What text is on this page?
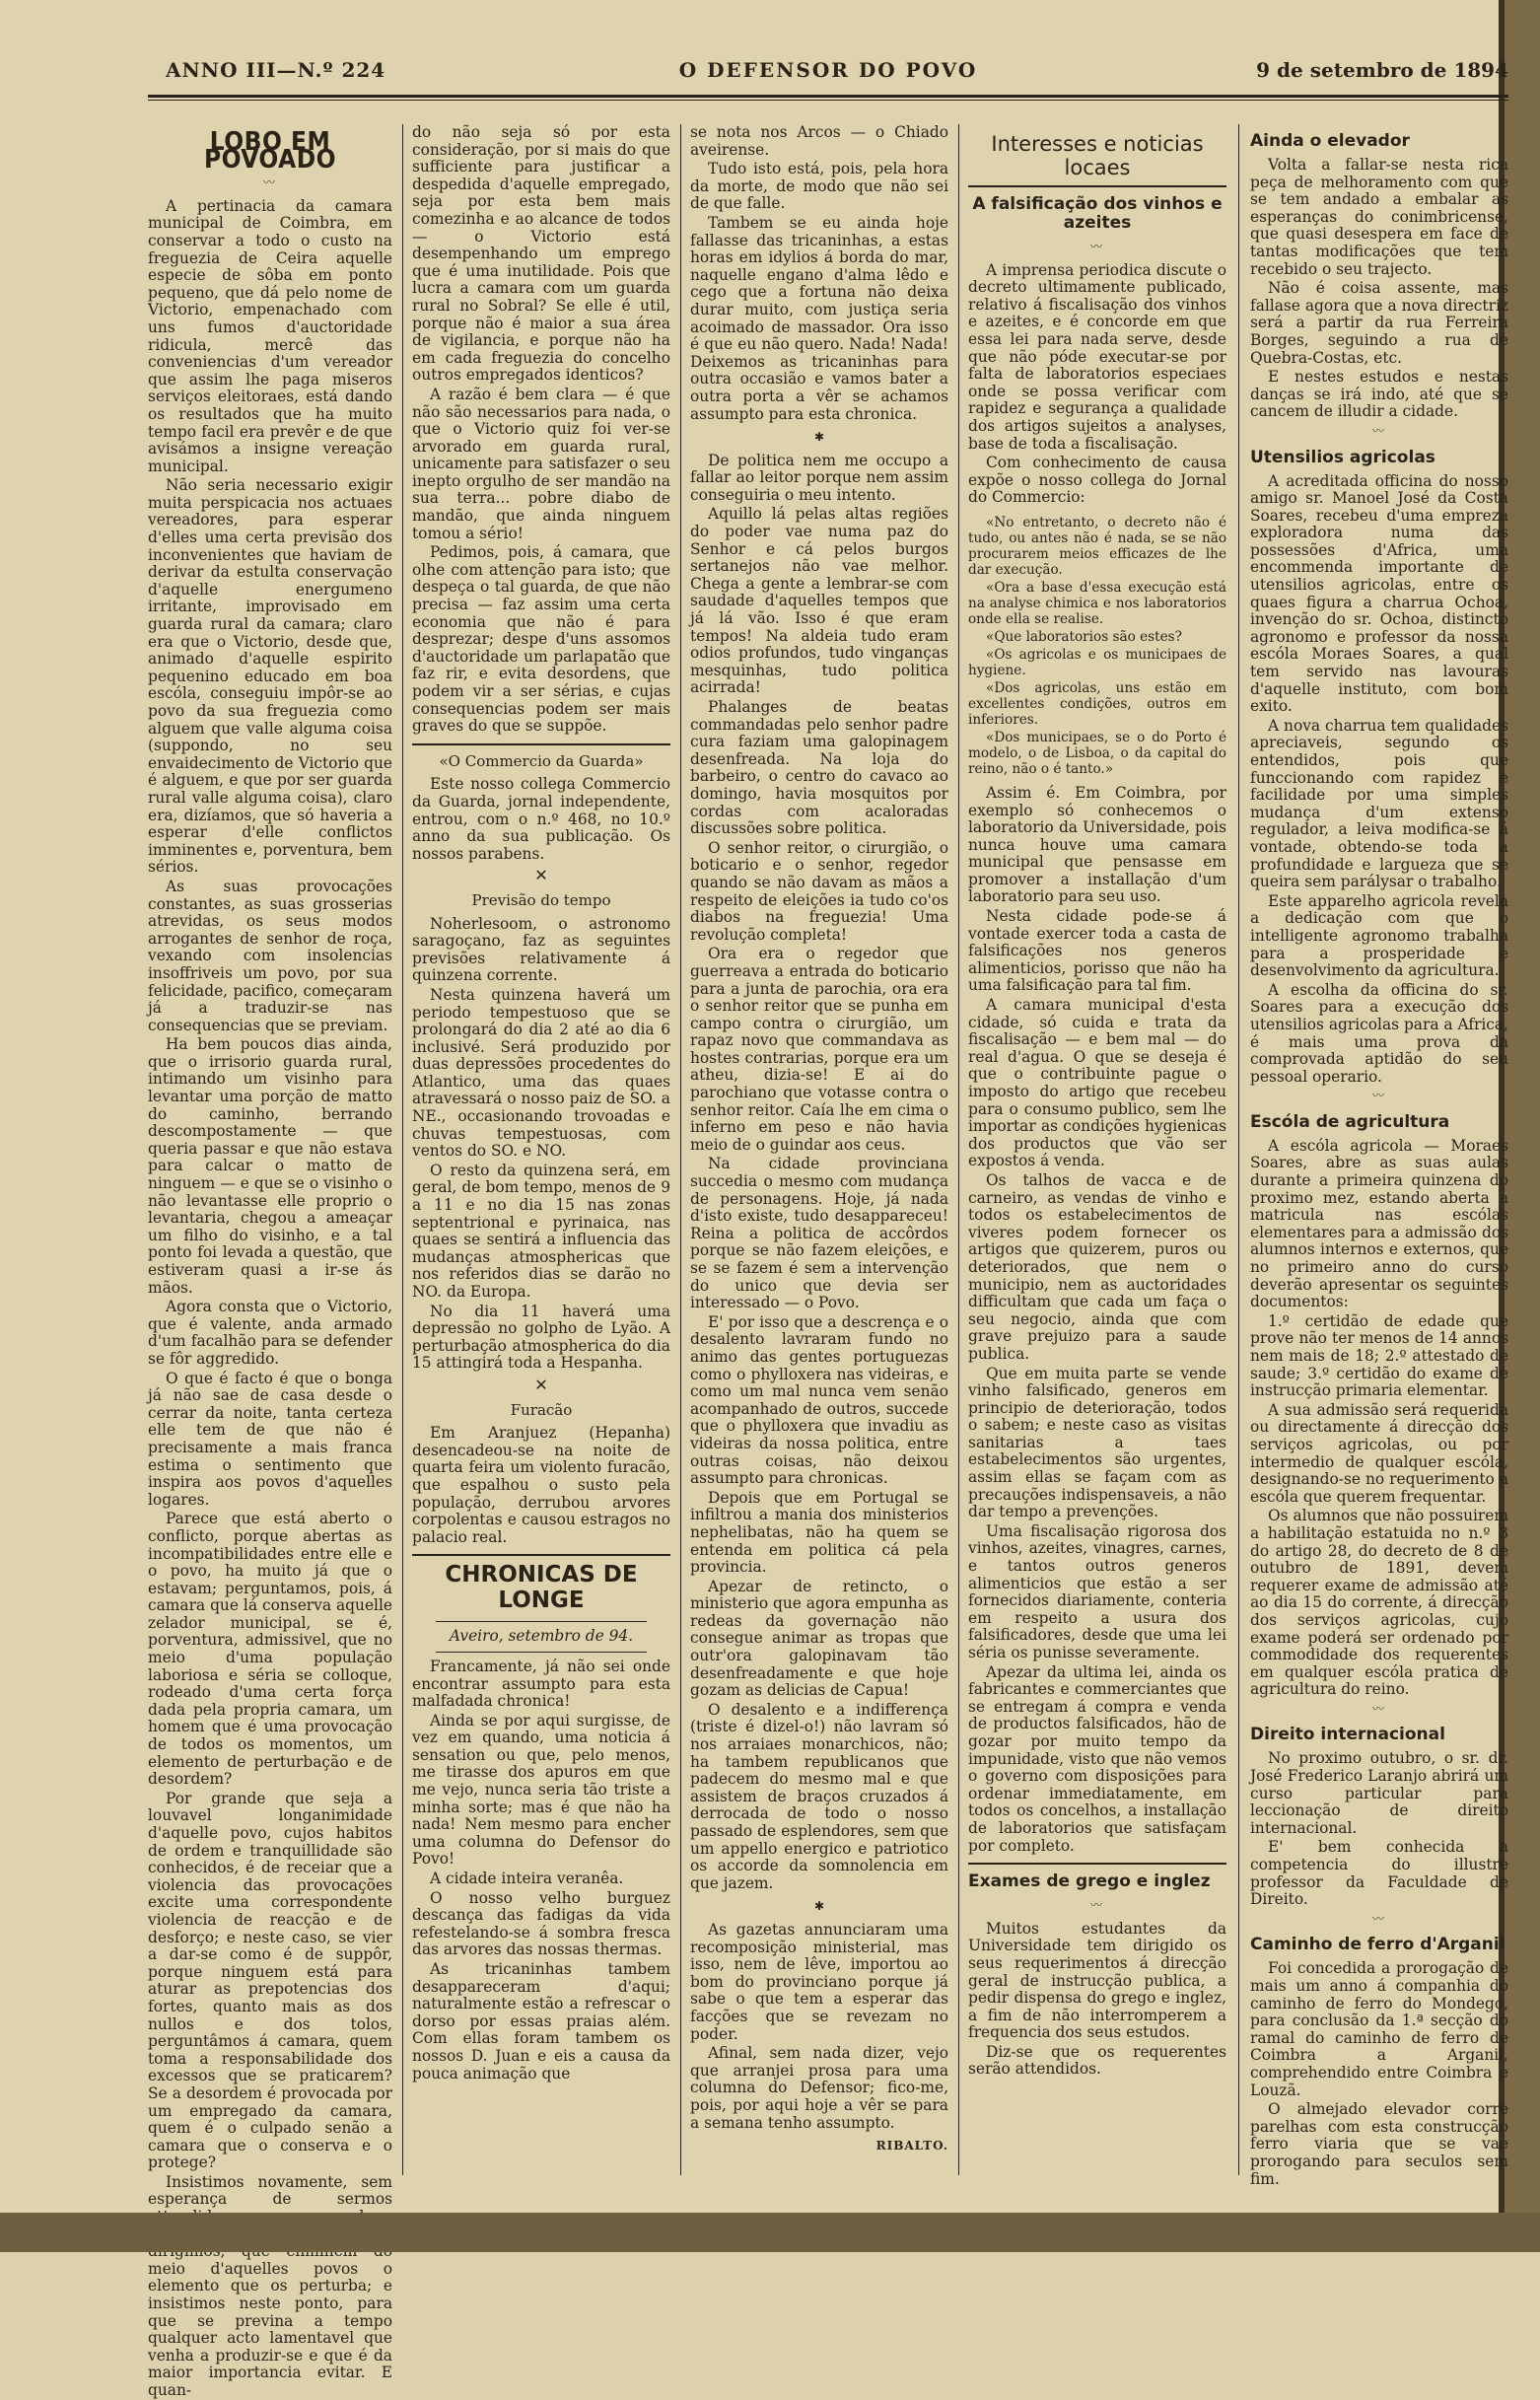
ANNO III—N.º 224	O DEFENSOR DO POVO	9 de setembro de 1894
LOBO EM POVOADO
〰

A pertinacia da camara municipal de Coimbra, em conservar a todo o custo na freguezia de Ceira aquelle especie de sôba em ponto pequeno, que dá pelo nome de Victorio, empenachado com uns fumos d'auctoridade ridicula, mercê das conveniencias d'um vereador que assim lhe paga miseros serviços eleitoraes, está dando os resultados que ha muito tempo facil era prevêr e de que avisámos a insigne vereação municipal.

Não seria necessario exigir muita perspicacia nos actuaes vereadores, para esperar d'elles uma certa previsão dos inconvenientes que haviam de derivar da estulta conservação d'aquelle energumeno irritante, improvisado em guarda rural da camara; claro era que o Victorio, desde que, animado d'aquelle espirito pequenino educado em boa escóla, conseguiu impôr-se ao povo da sua freguezia como alguem que valle alguma coisa (suppondo, no seu envaidecimento de Victorio que é alguem, e que por ser guarda rural valle alguma coisa), claro era, dizíamos, que só haveria a esperar d'elle conflictos imminentes e, porventura, bem sérios.

As suas provocações constantes, as suas grosserias atrevidas, os seus modos arrogantes de senhor de roça, vexando com insolencias insoffriveis um povo, por sua felicidade, pacifico, começaram já a traduzir-se nas consequencias que se previam.

Ha bem poucos dias ainda, que o irrisorio guarda rural, intimando um visinho para levantar uma porção de matto do caminho, berrando descompostamente — que queria passar e que não estava para calcar o matto de ninguem — e que se o visinho o não levantasse elle proprio o levantaria, chegou a ameaçar um filho do visinho, e a tal ponto foi levada a questão, que estiveram quasi a ir-se ás mãos.

Agora consta que o Victorio, que é valente, anda armado d'um facalhão para se defender se fôr aggredido.

O que é facto é que o bonga já não sae de casa desde o cerrar da noite, tanta certeza elle tem de que não é precisamente a mais franca estima o sentimento que inspira aos povos d'aquelles logares.

Parece que está aberto o conflicto, porque abertas as incompatibilidades entre elle e o povo, ha muito já que o estavam; perguntamos, pois, á camara que lá conserva aquelle zelador municipal, se é, porventura, admissivel, que no meio d'uma população laboriosa e séria se colloque, rodeado d'uma certa força dada pela propria camara, um homem que é uma provocação de todos os momentos, um elemento de perturbação e de desordem?

Por grande que seja a louvavel longanimidade d'aquelle povo, cujos habitos de ordem e tranquillidade são conhecidos, é de receiar que a violencia das provocações excite uma correspondente violencia de reacção e de desforço; e neste caso, se vier a dar-se como é de suppôr, porque ninguem está para aturar as prepotencias dos fortes, quanto mais as dos nullos e dos tolos, perguntâmos á camara, quem toma a responsabilidade dos excessos que se praticarem? Se a desordem é provocada por um empregado da camara, quem é o culpado senão a camara que o conserva e o protege?

Insistimos novamente, sem esperança de sermos meio d'aquelles povos o elemento que os perturba; e insistimos neste ponto, para que se previna a tempo qualquer acto lamentavel que venha a produzir-se e que é da maior importancia evitar. E quan-

do não seja só por esta consideração, por si mais do que sufficiente para justificar a despedida d'aquelle empregado, seja por esta bem mais comezinha e ao alcance de todos — o Victorio está desempenhando um emprego que é uma inutilidade. Pois que lucra a camara com um guarda rural no Sobral? Se elle é util, porque não é maior a sua área de vigilancia, e porque não ha em cada freguezia do concelho outros empregados identicos?

A razão é bem clara — é que não são necessarios para nada, o que o Victorio quiz foi ver-se arvorado em guarda rural, unicamente para satisfazer o seu inepto orgulho de ser mandão na sua terra... pobre diabo de mandão, que ainda ninguem tomou a sério!

Pedimos, pois, á camara, que olhe com attenção para isto; que despeça o tal guarda, de que não precisa — faz assim uma certa economia que não é para desprezar; despe d'uns assomos d'auctoridade um parlapatão que faz rir, e evita desordens, que podem vir a ser sérias, e cujas consequencias podem ser mais graves do que se suppõe.

«O Commercio da Guarda»

Este nosso collega Commercio da Guarda, jornal independente, entrou, com o n.º 468, no 10.º anno da sua publicação. Os nossos parabens.

✕
Previsão do tempo

Noherlesoom, o astronomo saragoçano, faz as seguintes previsões relativamente á quinzena corrente.

Nesta quinzena haverá um periodo tempestuoso que se prolongará do dia 2 até ao dia 6 inclusivé. Será produzido por duas depressões procedentes do Atlantico, uma das quaes atravessará o nosso paiz de SO. a NE., occasionando trovoadas e chuvas tempestuosas, com ventos do SO. e NO.

O resto da quinzena será, em geral, de bom tempo, menos de 9 a 11 e no dia 15 nas zonas septentrional e pyrinaica, nas quaes se sentirá a influencia das mudanças atmosphericas que nos referidos dias se darão no NO. da Europa.

No dia 11 haverá uma depressão no golpho de Lyão. A perturbação atmospherica do dia 15 attingirá toda a Hespanha.

✕
Furacão

Em Aranjuez (Hepanha) desencadeou-se na noite de quarta feira um violento furacão, que espalhou o susto pela população, derrubou arvores corpolentas e causou estragos no palacio real.

CHRONICAS DE LONGE
Aveiro, setembro de 94.

Francamente, já não sei onde encontrar assumpto para esta malfadada chronica!

Ainda se por aqui surgisse, de vez em quando, uma noticia á sensation ou que, pelo menos, me tirasse dos apuros em que me vejo, nunca seria tão triste a minha sorte; mas é que não ha nada! Nem mesmo para encher uma columna do Defensor do Povo!

A cidade inteira veranêa.

O nosso velho burguez descança das fadigas da vida refestelando-se á sombra fresca das arvores das nossas thermas.

As tricaninhas tambem desappareceram d'aqui; naturalmente estão a refrescar o dorso por essas praias além. Com ellas foram tambem os nossos D. Juan e eis a causa da pouca animação que

se nota nos Arcos — o Chiado aveirense.

Tudo isto está, pois, pela hora da morte, de modo que não sei de que falle.

Tambem se eu ainda hoje fallasse das tricaninhas, a estas horas em idylios á borda do mar, naquelle engano d'alma lêdo e cego que a fortuna não deixa durar muito, com justiça seria acoimado de massador. Ora isso é que eu não quero. Nada! Nada! Deixemos as tricaninhas para outra occasião e vamos bater a outra porta a vêr se achamos assumpto para esta chronica.

✱

De politica nem me occupo a fallar ao leitor porque nem assim conseguiria o meu intento.

Aquillo lá pelas altas regiões do poder vae numa paz do Senhor e cá pelos burgos sertanejos não vae melhor. Chega a gente a lembrar-se com saudade d'aquelles tempos que já lá vão. Isso é que eram tempos! Na aldeia tudo eram odios profundos, tudo vinganças mesquinhas, tudo politica acirrada!

Phalanges de beatas commandadas pelo senhor padre cura faziam uma galopinagem desenfreada. Na loja do barbeiro, o centro do cavaco ao domingo, havia mosquitos por cordas com acaloradas discussões sobre politica.

O senhor reitor, o cirurgião, o boticario e o senhor, regedor quando se não davam as mãos a respeito de eleições ia tudo co'os diabos na freguezia! Uma revolução completa!

Ora era o regedor que guerreava a entrada do boticario para a junta de parochia, ora era o senhor reitor que se punha em campo contra o cirurgião, um rapaz novo que commandava as hostes contrarias, porque era um atheu, dizia-se! E ai do parochiano que votasse contra o senhor reitor. Caía lhe em cima o inferno em peso e não havia meio de o guindar aos ceus.

Na cidade provinciana succedia o mesmo com mudança de personagens. Hoje, já nada d'isto existe, tudo desappareceu! Reina a politica de accôrdos porque se não fazem eleições, e se se fazem é sem a intervenção do unico que devia ser interessado — o Povo.

E' por isso que a descrença e o desalento lavraram fundo no animo das gentes portuguezas como o phylloxera nas videiras, e como um mal nunca vem senão acompanhado de outros, succede que o phylloxera que invadiu as videiras da nossa politica, entre outras coisas, não deixou assumpto para chronicas.

Depois que em Portugal se infiltrou a mania dos ministerios nephelibatas, não ha quem se entenda em politica cá pela provincia.

Apezar de retincto, o ministerio que agora empunha as redeas da governação não consegue animar as tropas que outr'ora galopinavam tão desenfreadamente e que hoje gozam as delicias de Capua!

O desalento e a indifferença (triste é dizel-o!) não lavram só nos arraiaes monarchicos, não; ha tambem republicanos que padecem do mesmo mal e que assistem de braços cruzados á derrocada de todo o nosso passado de esplendores, sem que um appello energico e patriotico os accorde da somnolencia em que jazem.

✱

As gazetas annunciaram uma recomposição ministerial, mas isso, nem de lêve, importou ao bom do provinciano porque já sabe o que tem a esperar das facções que se revezam no poder.

Afinal, sem nada dizer, vejo que arranjei prosa para uma columna do Defensor; fico-me, pois, por aqui hoje a vêr se para a semana tenho assumpto.

RIBALTO.
Interesses e noticias locaes
A falsificação dos vinhos e azeites
〰

A imprensa periodica discute o decreto ultimamente publicado, relativo á fiscalisação dos vinhos e azeites, e é concorde em que essa lei para nada serve, desde que não póde executar-se por falta de laboratorios especiaes onde se possa verificar com rapidez e segurança a qualidade dos artigos sujeitos a analyses, base de toda a fiscalisação.

Com conhecimento de causa expõe o nosso collega do Jornal do Commercio:

«No entretanto, o decreto não é tudo, ou antes não é nada, se se não procurarem meios efficazes de lhe dar execução.

«Ora a base d'essa execução está na analyse chimica e nos laboratorios onde ella se realise.

«Que laboratorios são estes?

«Os agricolas e os municipaes de hygiene.

«Dos agricolas, uns estão em excellentes condições, outros em inferiores.

«Dos municipaes, se o do Porto é modelo, o de Lisboa, o da capital do reino, não o é tanto.»

Assim é. Em Coimbra, por exemplo só conhecemos o laboratorio da Universidade, pois nunca houve uma camara municipal que pensasse em promover a installação d'um laboratorio para seu uso.

Nesta cidade pode-se á vontade exercer toda a casta de falsificações nos generos alimenticios, porisso que não ha uma falsificação para tal fim.

A camara municipal d'esta cidade, só cuida e trata da fiscalisação — e bem mal — do real d'agua. O que se deseja é que o contribuinte pague o imposto do artigo que recebeu para o consumo publico, sem lhe importar as condições hygienicas dos productos que vão ser expostos á venda.

Os talhos de vacca e de carneiro, as vendas de vinho e todos os estabelecimentos de viveres podem fornecer os artigos que quizerem, puros ou deteriorados, que nem o municipio, nem as auctoridades difficultam que cada um faça o seu negocio, ainda que com grave prejuizo para a saude publica.

Que em muita parte se vende vinho falsificado, generos em principio de deterioração, todos o sabem; e neste caso as visitas sanitarias a taes estabelecimentos são urgentes, assim ellas se façam com as precauções indispensaveis, a não dar tempo a prevenções.

Uma fiscalisação rigorosa dos vinhos, azeites, vinagres, carnes, e tantos outros generos alimenticios que estão a ser fornecidos diariamente, conteria em respeito a usura dos falsificadores, desde que uma lei séria os punisse severamente.

Apezar da ultima lei, ainda os fabricantes e commerciantes que se entregam á compra e venda de productos falsificados, hão de gozar por muito tempo da impunidade, visto que não vemos o governo com disposições para ordenar immediatamente, em todos os concelhos, a installação de laboratorios que satisfaçam por completo.

Exames de grego e inglez
〰

Muitos estudantes da Universidade tem dirigido os seus requerimentos á direcção geral de instrucção publica, a pedir dispensa do grego e inglez, a fim de não interromperem a frequencia dos seus estudos.

Diz-se que os requerentes serão attendidos.

Ainda o elevador

Volta a fallar-se nesta rica peça de melhoramento com que se tem andado a embalar as esperanças do conimbricense, que quasi desespera em face de tantas modificações que tem recebido o seu trajecto.

Não é coisa assente, mas fallase agora que a nova directriz será a partir da rua Ferreira Borges, seguindo a rua de Quebra-Costas, etc.

E nestes estudos e nestas danças se irá indo, até que se cancem de illudir a cidade.

〰
Utensilios agricolas

A acreditada officina do nosso amigo sr. Manoel José da Costa Soares, recebeu d'uma empreza exploradora numa das possessões d'Africa, uma encommenda importante de utensilios agricolas, entre os quaes figura a charrua Ochoa, invenção do sr. Ochoa, distincto agronomo e professor da nossa escóla Moraes Soares, a qual tem servido nas lavouras d'aquelle instituto, com bom exito.

A nova charrua tem qualidades apreciaveis, segundo os entendidos, pois que funccionando com rapidez e facilidade por uma simples mudança d'um extenso regulador, a leiva modifica-se á vontade, obtendo-se toda a profundidade e largueza que se queira sem parálysar o trabalho.

Este apparelho agricola revela a dedicação com que o intelligente agronomo trabalha para a prosperidade e desenvolvimento da agricultura.

A escolha da officina do sr. Soares para a execução dos utensilios agricolas para a Africa, é mais uma prova da comprovada aptidão do seu pessoal operario.

〰
Escóla de agricultura

A escóla agricola — Moraes Soares, abre as suas aulas durante a primeira quinzena do proximo mez, estando aberta a matricula nas escólas elementares para a admissão dos alumnos internos e externos, que no primeiro anno do curso deverão apresentar os seguintes documentos:

1.º certidão de edade que prove não ter menos de 14 annos nem mais de 18; 2.º attestado de saude; 3.º certidão do exame de instrucção primaria elementar.

A sua admissão será requerida ou directamente á direcção dos serviços agricolas, ou por intermedio de qualquer escóla, designando-se no requerimento a escóla que querem frequentar.

Os alumnos que não possuirem a habilitação estatuida no n.º 3 do artigo 28, do decreto de 8 de outubro de 1891, devem requerer exame de admissão até ao dia 15 do corrente, á direcção dos serviços agricolas, cujo exame poderá ser ordenado por commodidade dos requerentes em qualquer escóla pratica de agricultura do reino.

〰
Direito internacional

No proximo outubro, o sr. dr. José Frederico Laranjo abrirá um curso particular para leccionação de direito internacional.

E' bem conhecida a competencia do illustre professor da Faculdade de Direito.

〰
Caminho de ferro d'Arganil

Foi concedida a prorogação de mais um anno á companhia do caminho de ferro do Mondego, para conclusão da 1.ª secção do ramal do caminho de ferro de Coimbra a Arganil, comprehendido entre Coimbra e Louzã.

O almejado elevador corre parelhas com esta construcção ferro viaria que se vae prorogando para seculos sem fim.
